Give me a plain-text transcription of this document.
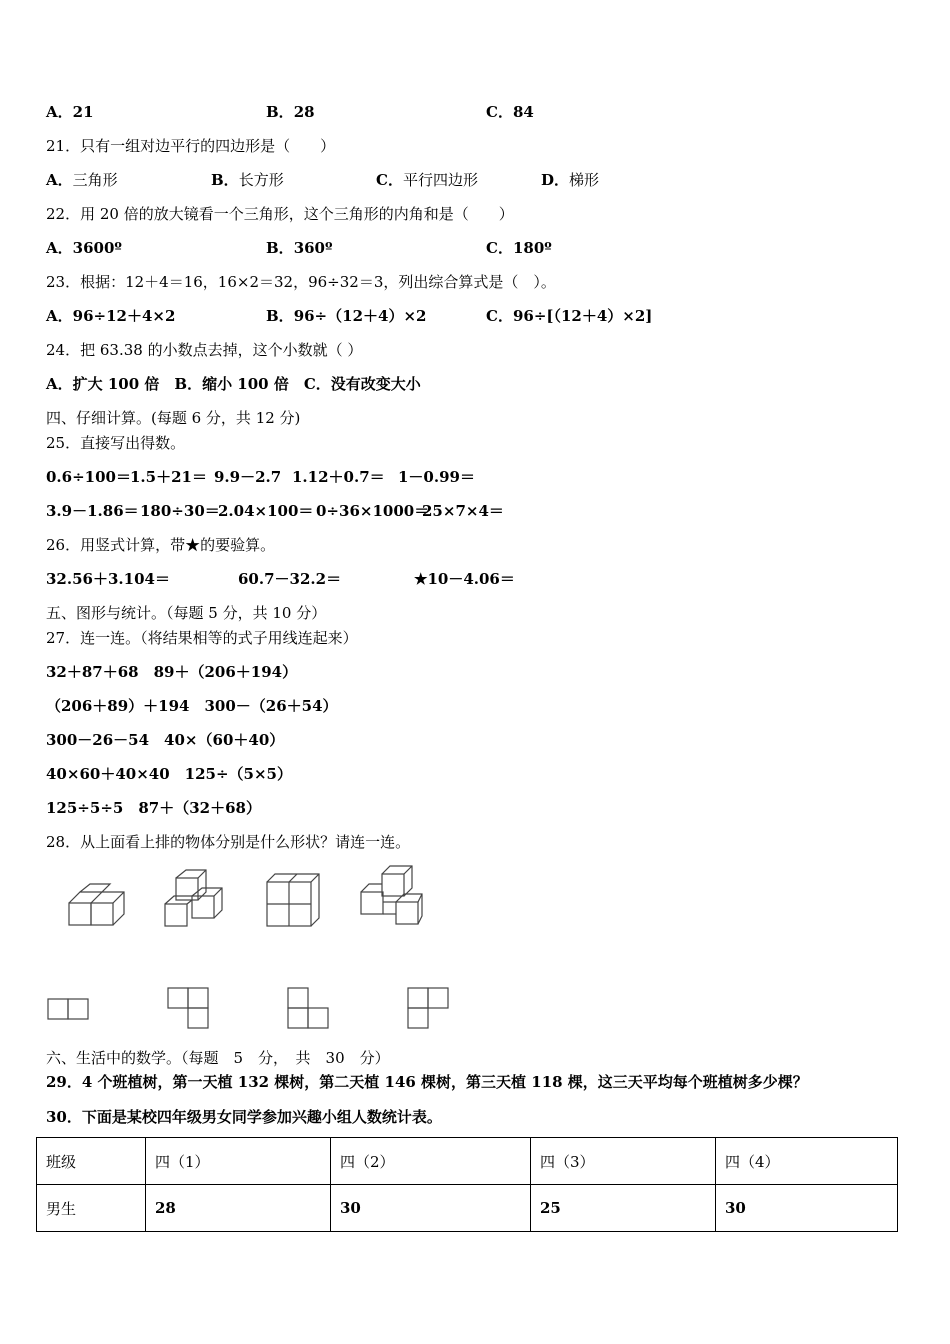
A．21	B．28	C．84
21．只有一组对边平行的四边形是（　　）
A．三角形	B．长方形	C．平行四边形	D．梯形
22．用 20 倍的放大镜看一个三角形，这个三角形的内角和是（　　）
A．3600º	B．360º	C．180º
23．根据：12＋4＝16，16×2＝32，96÷32＝3，列出综合算式是（　）。
A．96÷12＋4×2	B．96÷（12＋4）×2	C．96÷[（12＋4）×2]
24．把 63.38 的小数点去掉，这个小数就（ ）
A．扩大 100 倍　B．缩小 100 倍　C．没有改变大小
四、仔细计算。(每题 6 分，共 12 分)
25．直接写出得数。
0.6÷100＝ 1.5＋21＝ 9.9－2.7 1.12＋0.7＝ 1－0.99＝
3.9－1.86＝ 180÷30＝
2.04×100＝ 0÷36×1000＝
25×7×4＝
26．用竖式计算，带★的要验算。
32.56＋3.104＝	60.7－32.2＝	★10－4.06＝
五、图形与统计。（每题 5 分，共 10 分）
27．连一连。（将结果相等的式子用线连起来）
32＋87＋68　89＋（206＋194）
（206＋89）＋194　300－（26＋54）
300－26－54　40×（60＋40）
40×60＋40×40　125÷（5×5）
125÷5÷5　87＋（32＋68）
28．从上面看上排的物体分别是什么形状？请连一连。
六、生活中的数学。（每题　5　分，　共　30　分）
29．4 个班植树，第一天植 132 棵树，第二天植 146 棵树，第三天植 118 棵，这三天平均每个班植树多少棵？
30．下面是某校四年级男女同学参加兴趣小组人数统计表。
班级	四（1）	四（2）	四（3）	四（4）
男生	28	30	25	30
